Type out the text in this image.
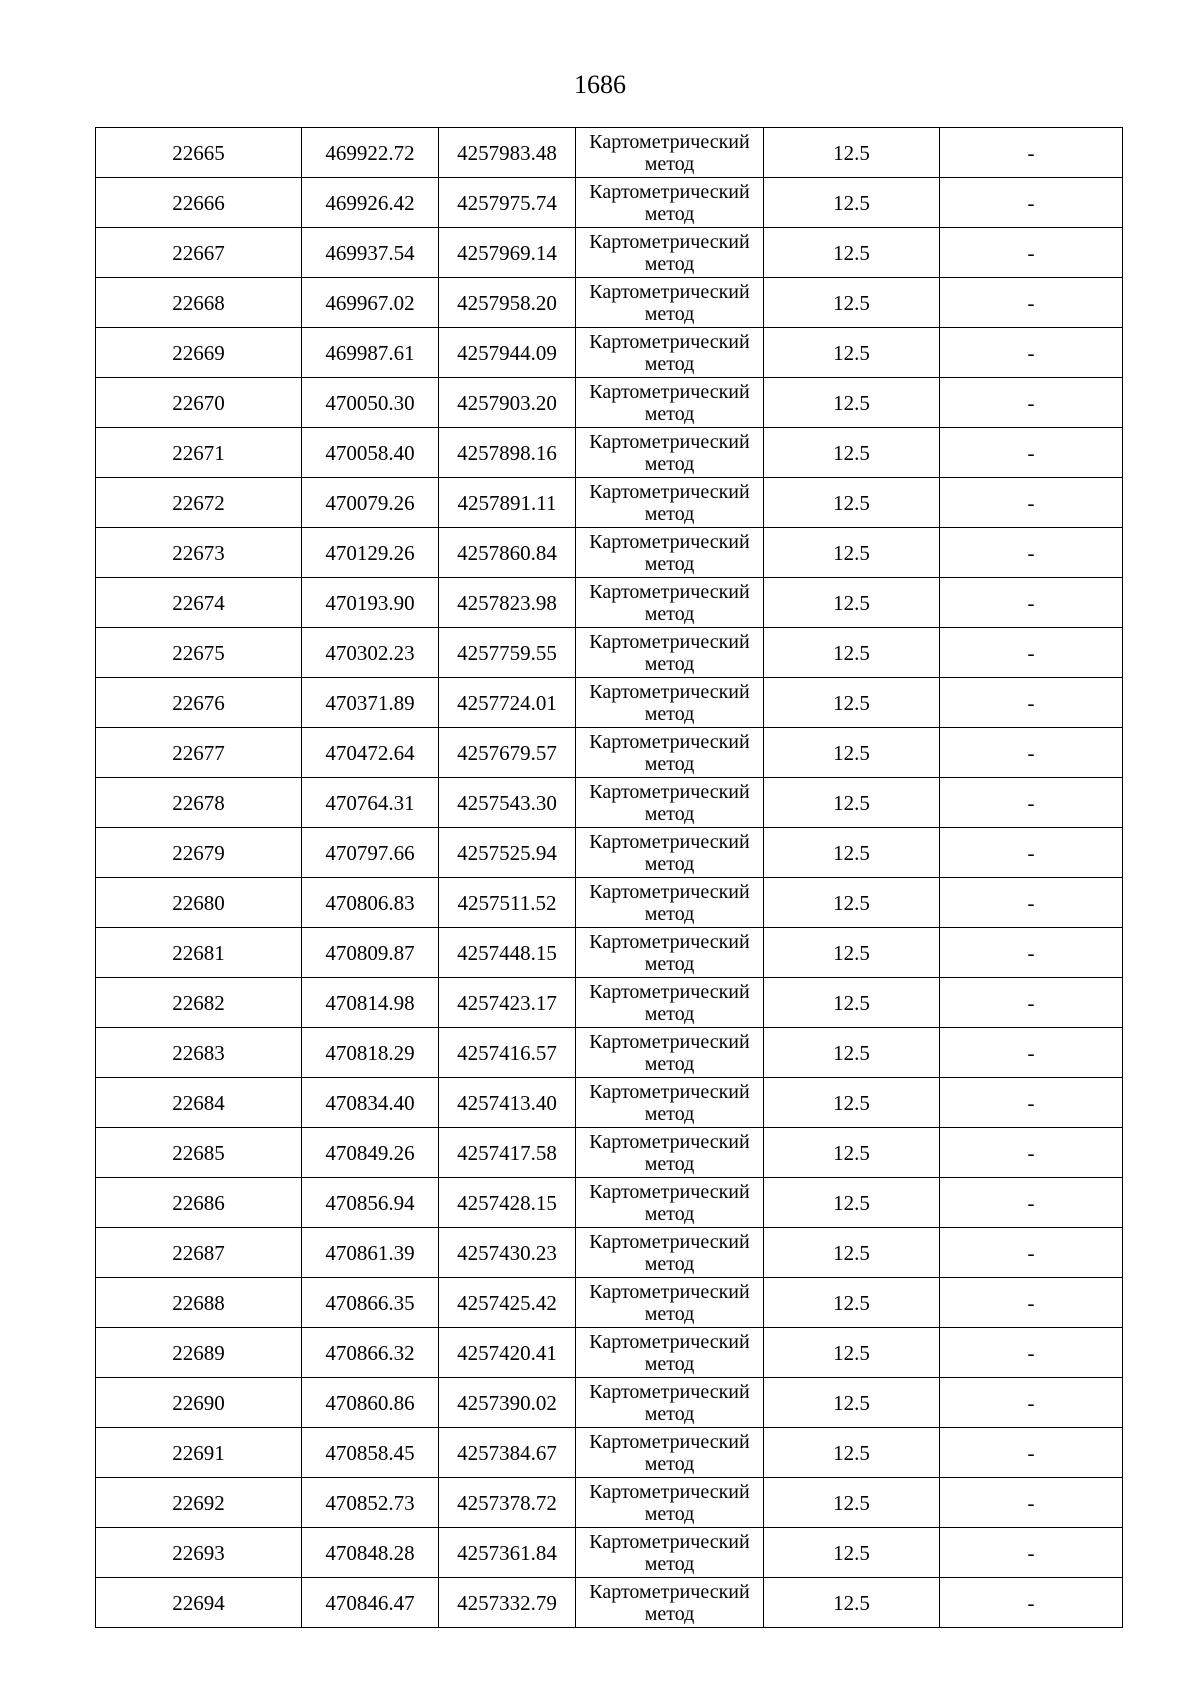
1686
22665	469922.72	4257983.48	Картометрический метод	12.5	-
22666	469926.42	4257975.74	Картометрический метод	12.5	-
22667	469937.54	4257969.14	Картометрический метод	12.5	-
22668	469967.02	4257958.20	Картометрический метод	12.5	-
22669	469987.61	4257944.09	Картометрический метод	12.5	-
22670	470050.30	4257903.20	Картометрический метод	12.5	-
22671	470058.40	4257898.16	Картометрический метод	12.5	-
22672	470079.26	4257891.11	Картометрический метод	12.5	-
22673	470129.26	4257860.84	Картометрический метод	12.5	-
22674	470193.90	4257823.98	Картометрический метод	12.5	-
22675	470302.23	4257759.55	Картометрический метод	12.5	-
22676	470371.89	4257724.01	Картометрический метод	12.5	-
22677	470472.64	4257679.57	Картометрический метод	12.5	-
22678	470764.31	4257543.30	Картометрический метод	12.5	-
22679	470797.66	4257525.94	Картометрический метод	12.5	-
22680	470806.83	4257511.52	Картометрический метод	12.5	-
22681	470809.87	4257448.15	Картометрический метод	12.5	-
22682	470814.98	4257423.17	Картометрический метод	12.5	-
22683	470818.29	4257416.57	Картометрический метод	12.5	-
22684	470834.40	4257413.40	Картометрический метод	12.5	-
22685	470849.26	4257417.58	Картометрический метод	12.5	-
22686	470856.94	4257428.15	Картометрический метод	12.5	-
22687	470861.39	4257430.23	Картометрический метод	12.5	-
22688	470866.35	4257425.42	Картометрический метод	12.5	-
22689	470866.32	4257420.41	Картометрический метод	12.5	-
22690	470860.86	4257390.02	Картометрический метод	12.5	-
22691	470858.45	4257384.67	Картометрический метод	12.5	-
22692	470852.73	4257378.72	Картометрический метод	12.5	-
22693	470848.28	4257361.84	Картометрический метод	12.5	-
22694	470846.47	4257332.79	Картометрический метод	12.5	-
